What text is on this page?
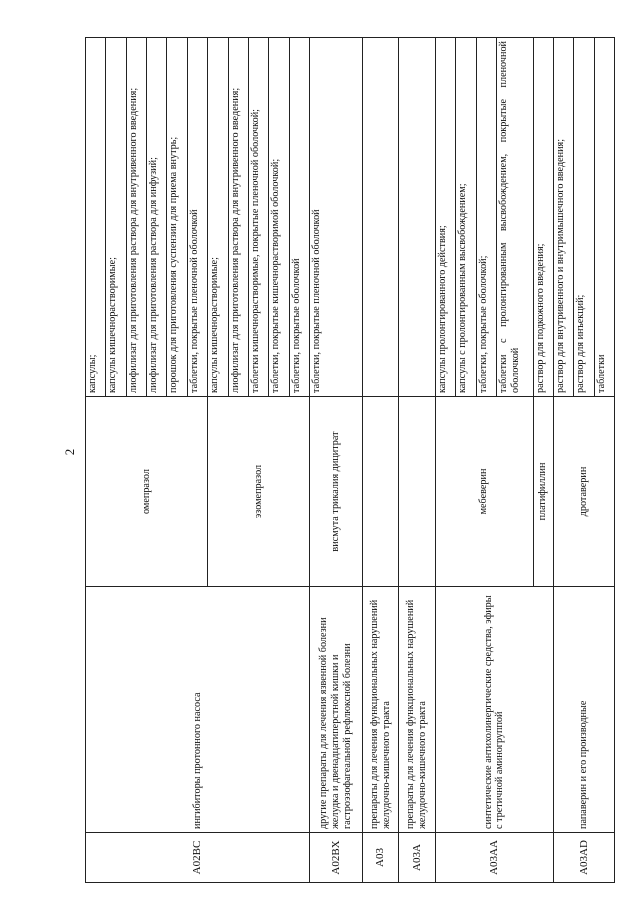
2
A02BC	ингибиторы протонного насоса	омепразол	капсулы;
			капсулы кишечнорастворимые;
			лиофилизат для приготовления раствора для внутривенного введения;
			лиофилизат для приготовления раствора для инфузий;
			порошок для приготовления суспензии для приема внутрь;
			таблетки, покрытые пленочной оболочкой
		эзомепразол	капсулы кишечнорастворимые;
			лиофилизат для приготовления раствора для внутривенного введения;
			таблетки кишечнорастворимые, покрытые пленочной оболочкой;
			таблетки, покрытые кишечнорастворимой оболочкой;
			таблетки, покрытые оболочкой
A02BX	другие препараты для лечения язвенной болезни желудка и двенадцатиперстной кишки и гастроэзофагеальной рефлюксной болезни	висмута трикалия дицитрат	таблетки, покрытые пленочной оболочкой
A03	препараты для лечения функциональных нарушений желудочно-кишечного тракта		
A03A	препараты для лечения функциональных нарушений желудочно-кишечного тракта		
A03AA	синтетические антихолинергические средства, эфиры с третичной аминогруппой	мебеверин	капсулы пролонгированного действия;
			капсулы с пролонгированным высвобождением;
			таблетки, покрытые оболочкой;
			таблетки с пролонгированным высвобождением, покрытые пленочной оболочкой
		платифиллин	раствор для подкожного введения;
A03AD	папаверин и его производные	дротаверин	раствор для внутривенного и внутримышечного введения;
			раствор для инъекций;
			таблетки
